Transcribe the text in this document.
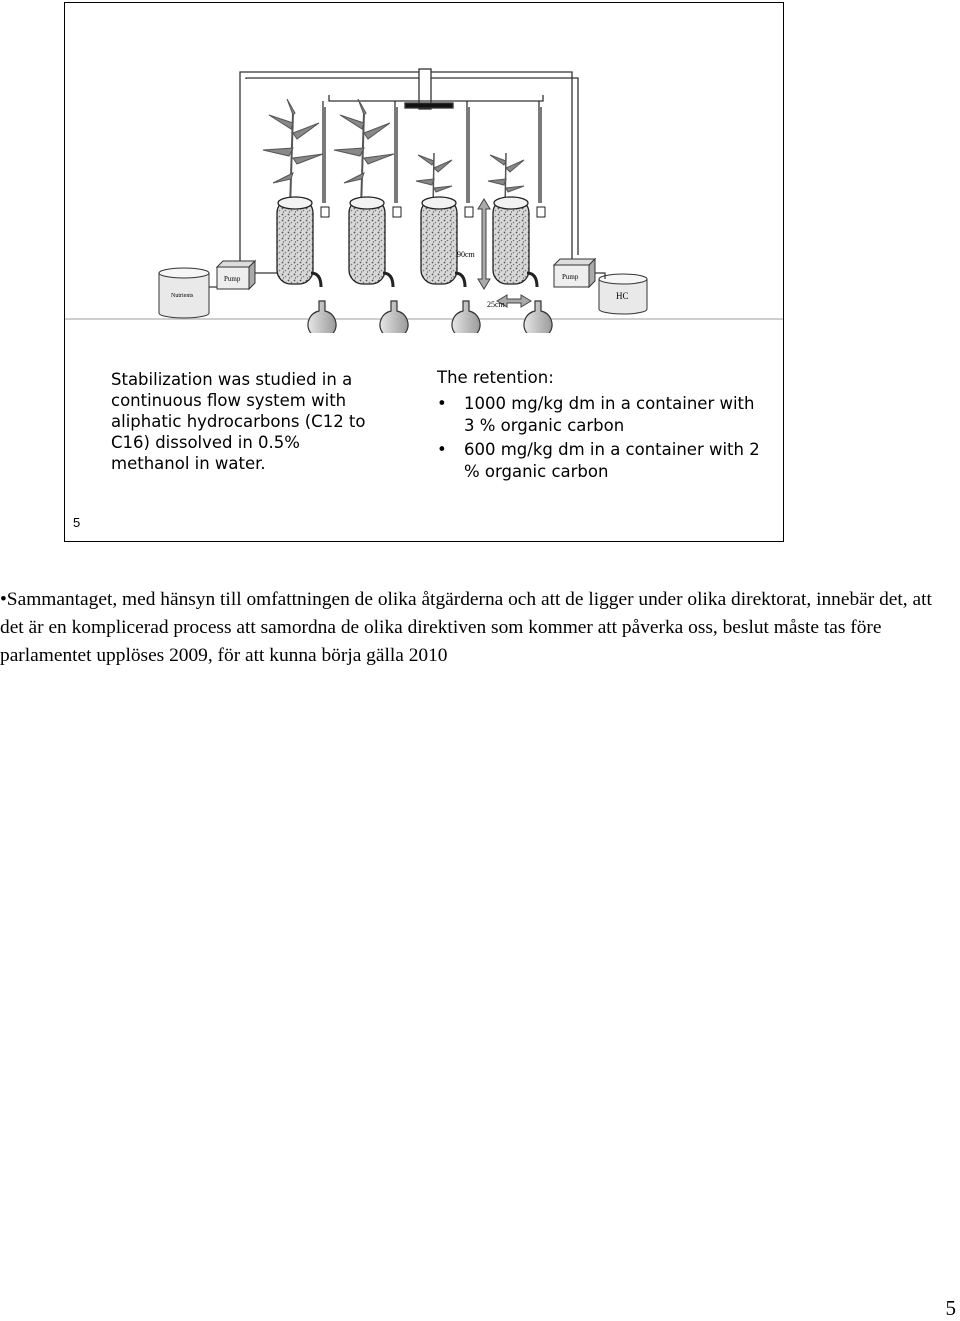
90cm
25cm
Nutrients
Pump	Pump
HC

Stabilization was studied in a continuous flow system with aliphatic hydrocarbons (C12 to C16) dissolved in 0.5% methanol in water.

The retention:

• 1000 mg/kg dm in a container with 3 % organic carbon
• 600 mg/kg dm in a container with 2 % organic carbon
5

•Sammantaget, med hänsyn till omfattningen de olika åtgärderna och att de ligger under olika direktorat, innebär det, att det är en komplicerad process att samordna de olika direktiven som kommer att påverka oss, beslut måste tas före parlamentet upplöses 2009, för att kunna börja gälla 2010

5
